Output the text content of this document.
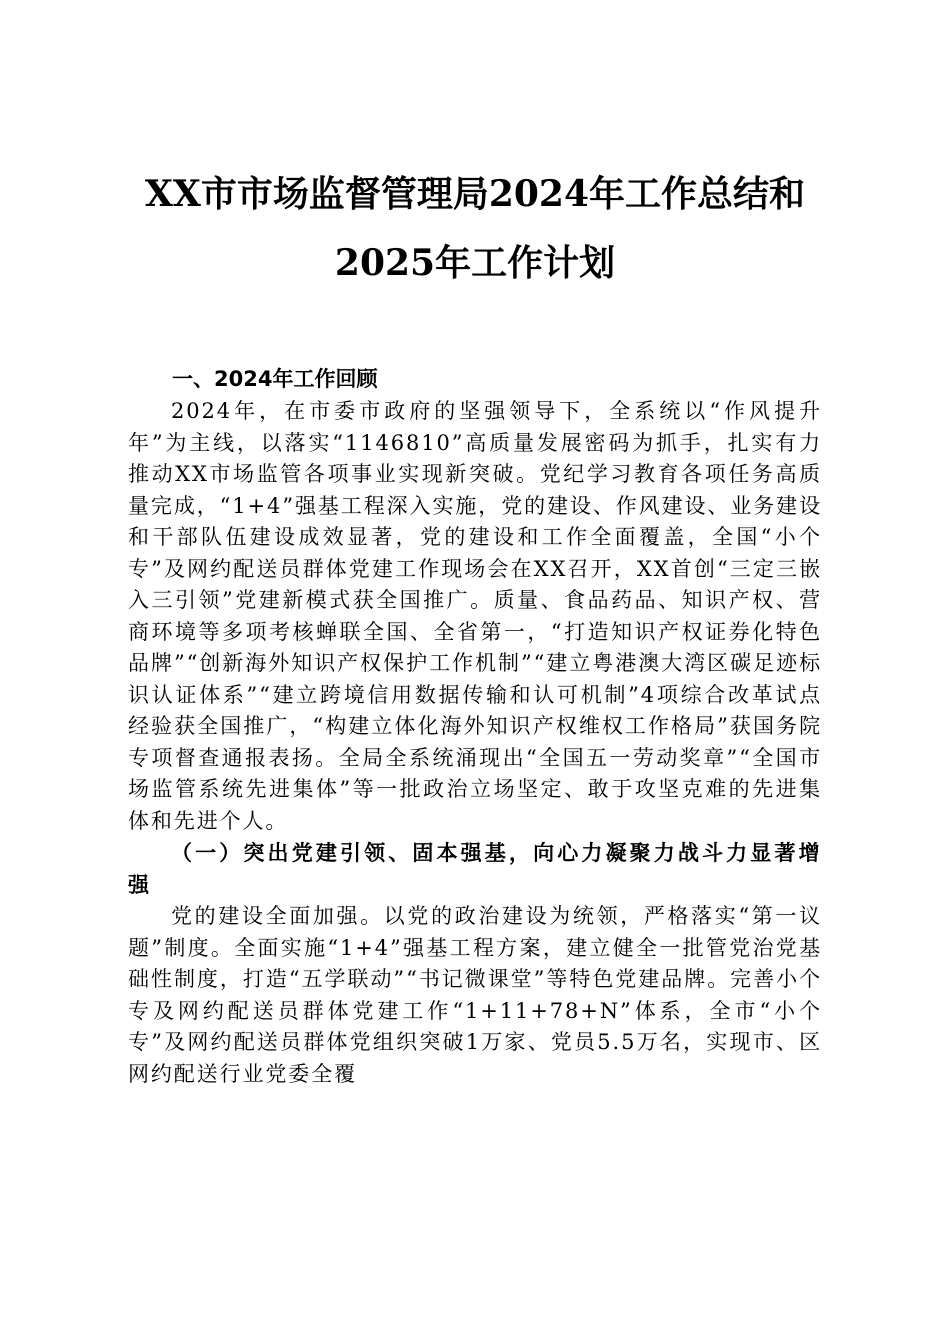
XX市市场监督管理局2024年工作总结和
2025年工作计划
一、2024年工作回顾

2024年，在市委市政府的坚强领导下，全系统以“作风提升年”为主线，以落实“1146810”高质量发展密码为抓手，扎实有力推动XX市场监管各项事业实现新突破。党纪学习教育各项任务高质量完成，“1+4”强基工程深入实施，党的建设、作风建设、业务建设和干部队伍建设成效显著，党的建设和工作全面覆盖，全国“小个专”及网约配送员群体党建工作现场会在XX召开，XX首创“三定三嵌入三引领”党建新模式获全国推广。质量、食品药品、知识产权、营商环境等多项考核蝉联全国、全省第一，“打造知识产权证券化特色品牌”“创新海外知识产权保护工作机制”“建立粤港澳大湾区碳足迹标识认证体系”“建立跨境信用数据传输和认可机制”4项综合改革试点经验获全国推广，“构建立体化海外知识产权维权工作格局”获国务院专项督查通报表扬。全局全系统涌现出“全国五一劳动奖章”“全国市场监管系统先进集体”等一批政治立场坚定、敢于攻坚克难的先进集体和先进个人。

（一）突出党建引领、固本强基，向心力凝聚力战斗力显著增强

党的建设全面加强。以党的政治建设为统领，严格落实“第一议题”制度。全面实施“1+4”强基工程方案，建立健全一批管党治党基础性制度，打造“五学联动”“书记微课堂”等特色党建品牌。完善小个专及网约配送员群体党建工作“1+11+78+N”体系，全市“小个专”及网约配送员群体党组织突破1万家、党员5.5万名，实现市、区网约配送行业党委全覆
